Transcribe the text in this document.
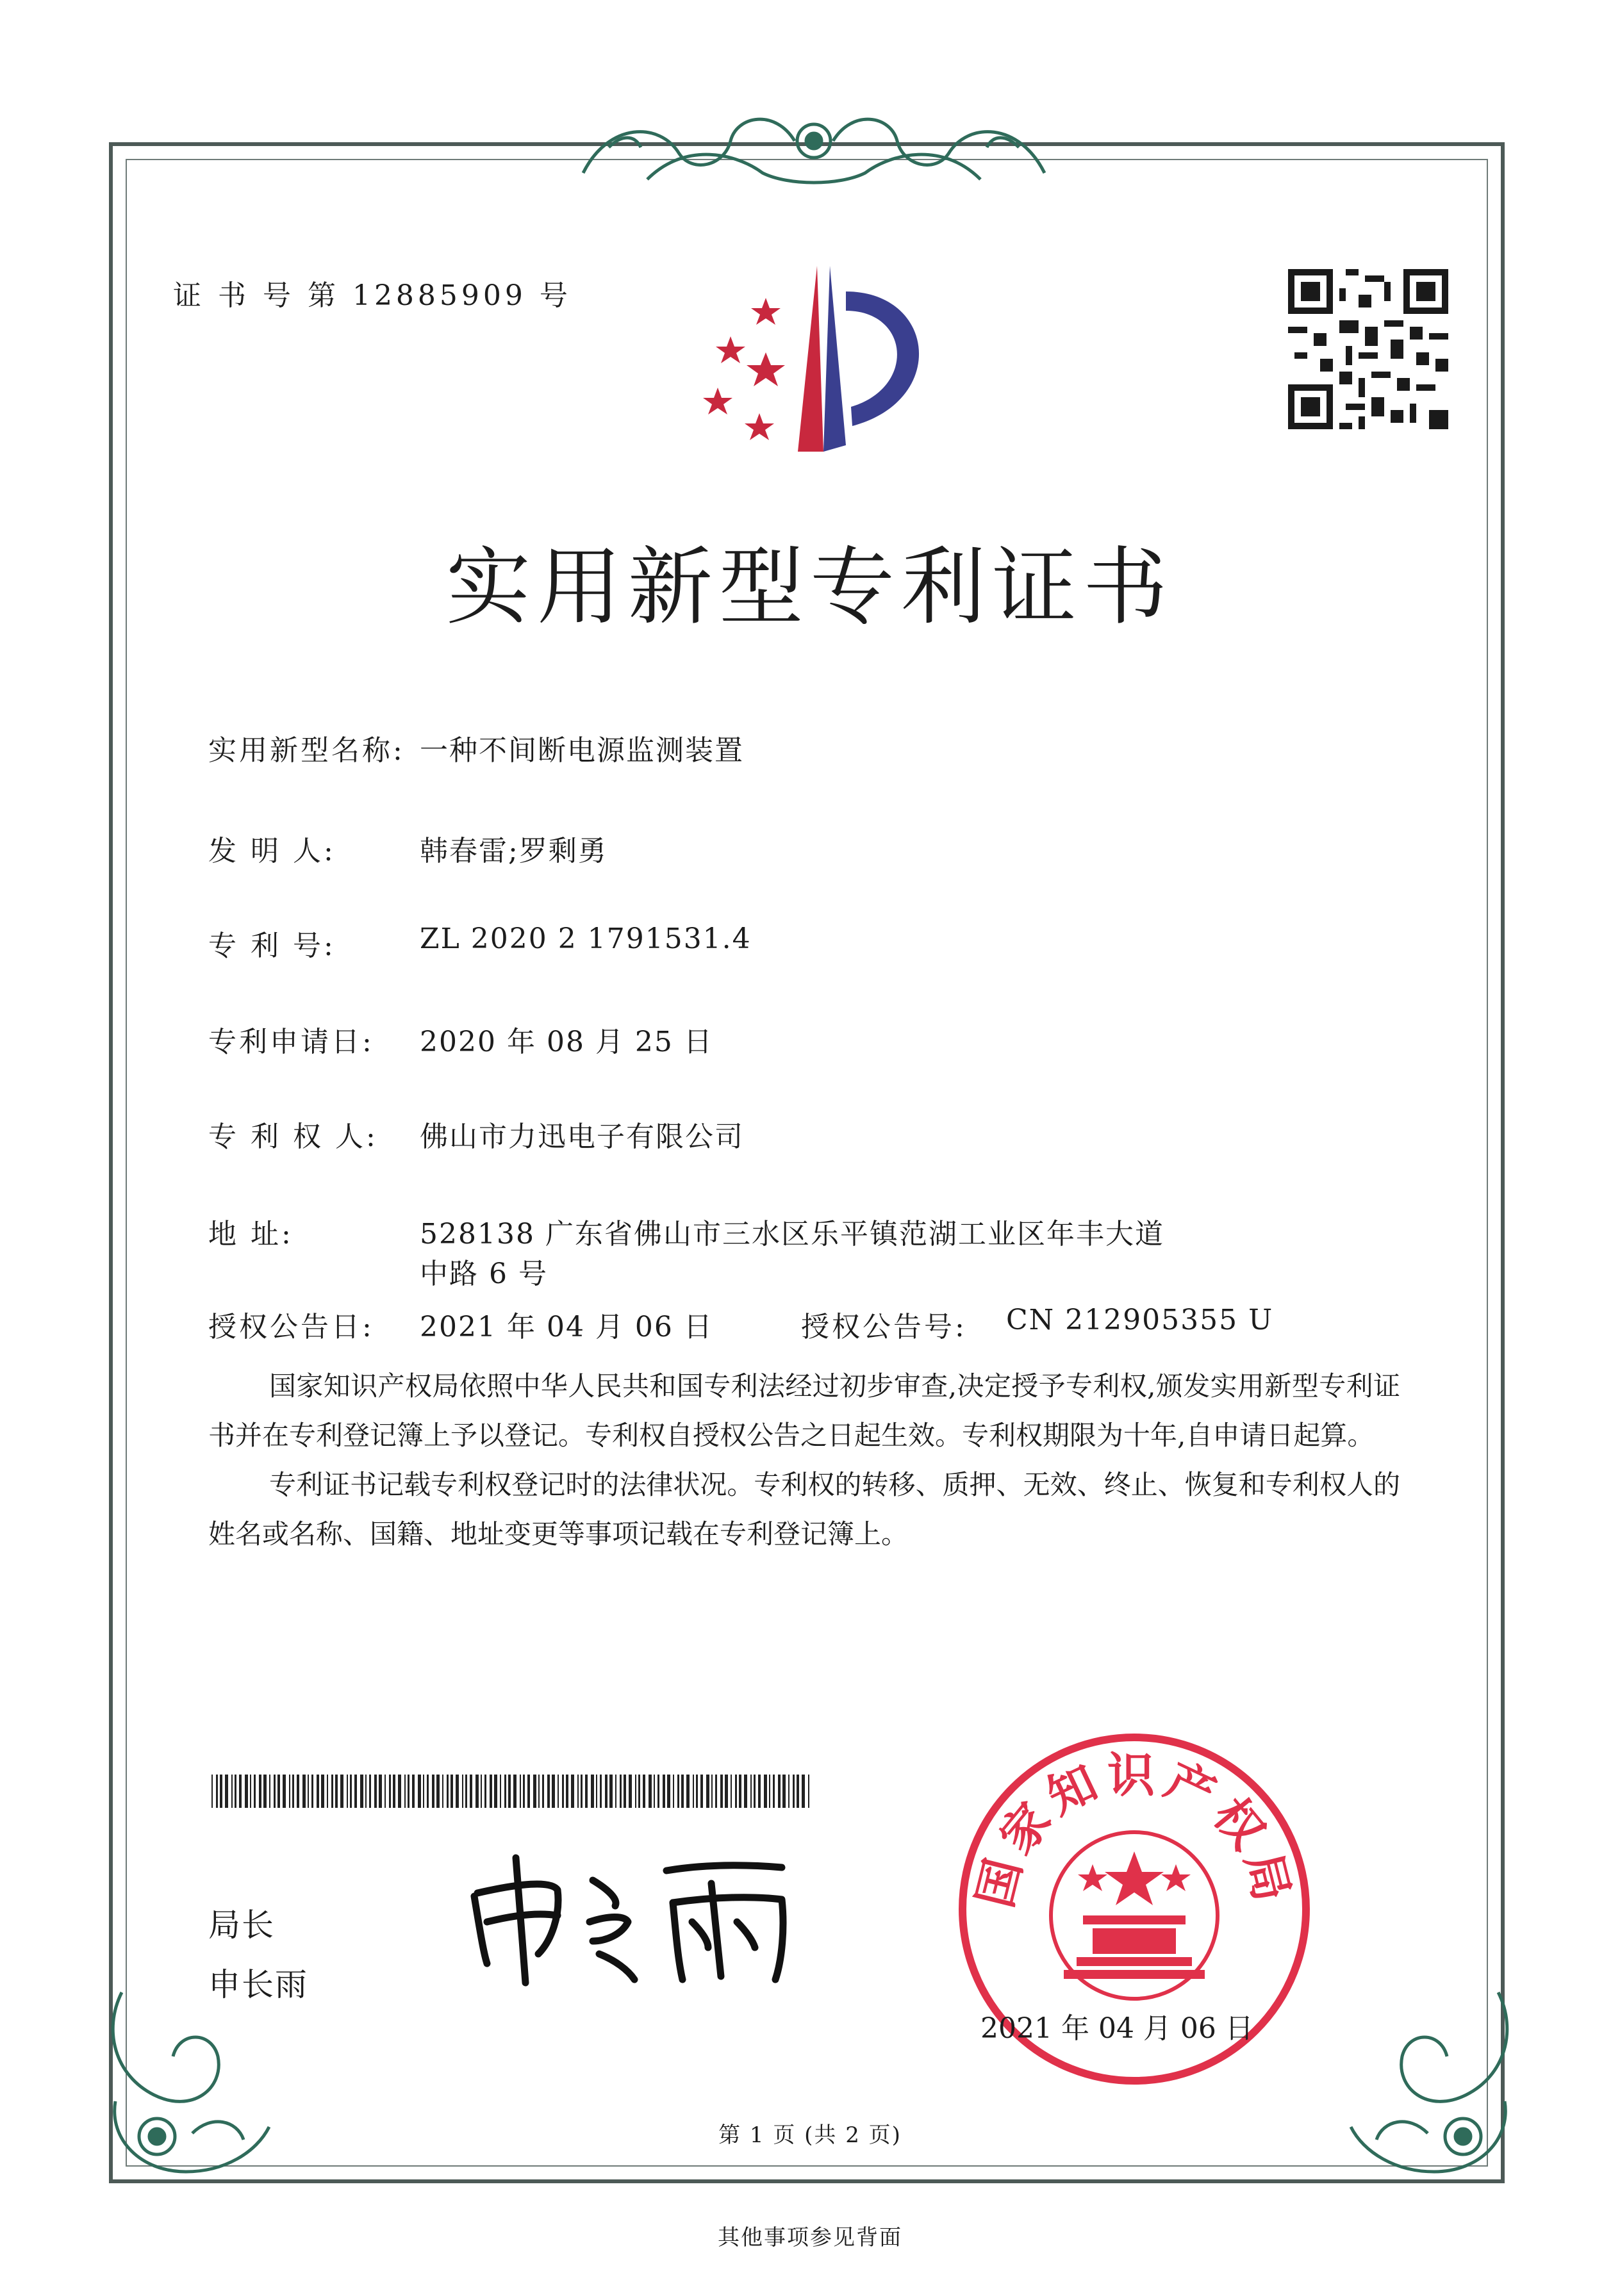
证 书 号 第 12885909 号
实用新型专利证书
实用新型名称: 一种不间断电源监测装置
发 明 人:	韩春雷;罗剩勇
专 利 号:	ZL 2020 2 1791531.4
专利申请日: 2020 年 08 月 25 日
专 利 权 人: 佛山市力迅电子有限公司
地 址:	528138 广东省佛山市三水区乐平镇范湖工业区年丰大道
中路 6 号
授权公告日: 2021 年 04 月 06 日	授权公告号: CN 212905355 U

国家知识产权局依照中华人民共和国专利法经过初步审查,决定授予专利权,颁发实用新型专利证书并在专利登记簿上予以登记。专利权自授权公告之日起生效。专利权期限为十年,自申请日起算。

专利证书记载专利权登记时的法律状况。专利权的转移、质押、无效、终止、恢复和专利权人的姓名或名称、国籍、地址变更等事项记载在专利登记簿上。

局长
申长雨
国家知识产权局
2021 年 04 月 06 日
第 1 页 (共 2 页)
其他事项参见背面
